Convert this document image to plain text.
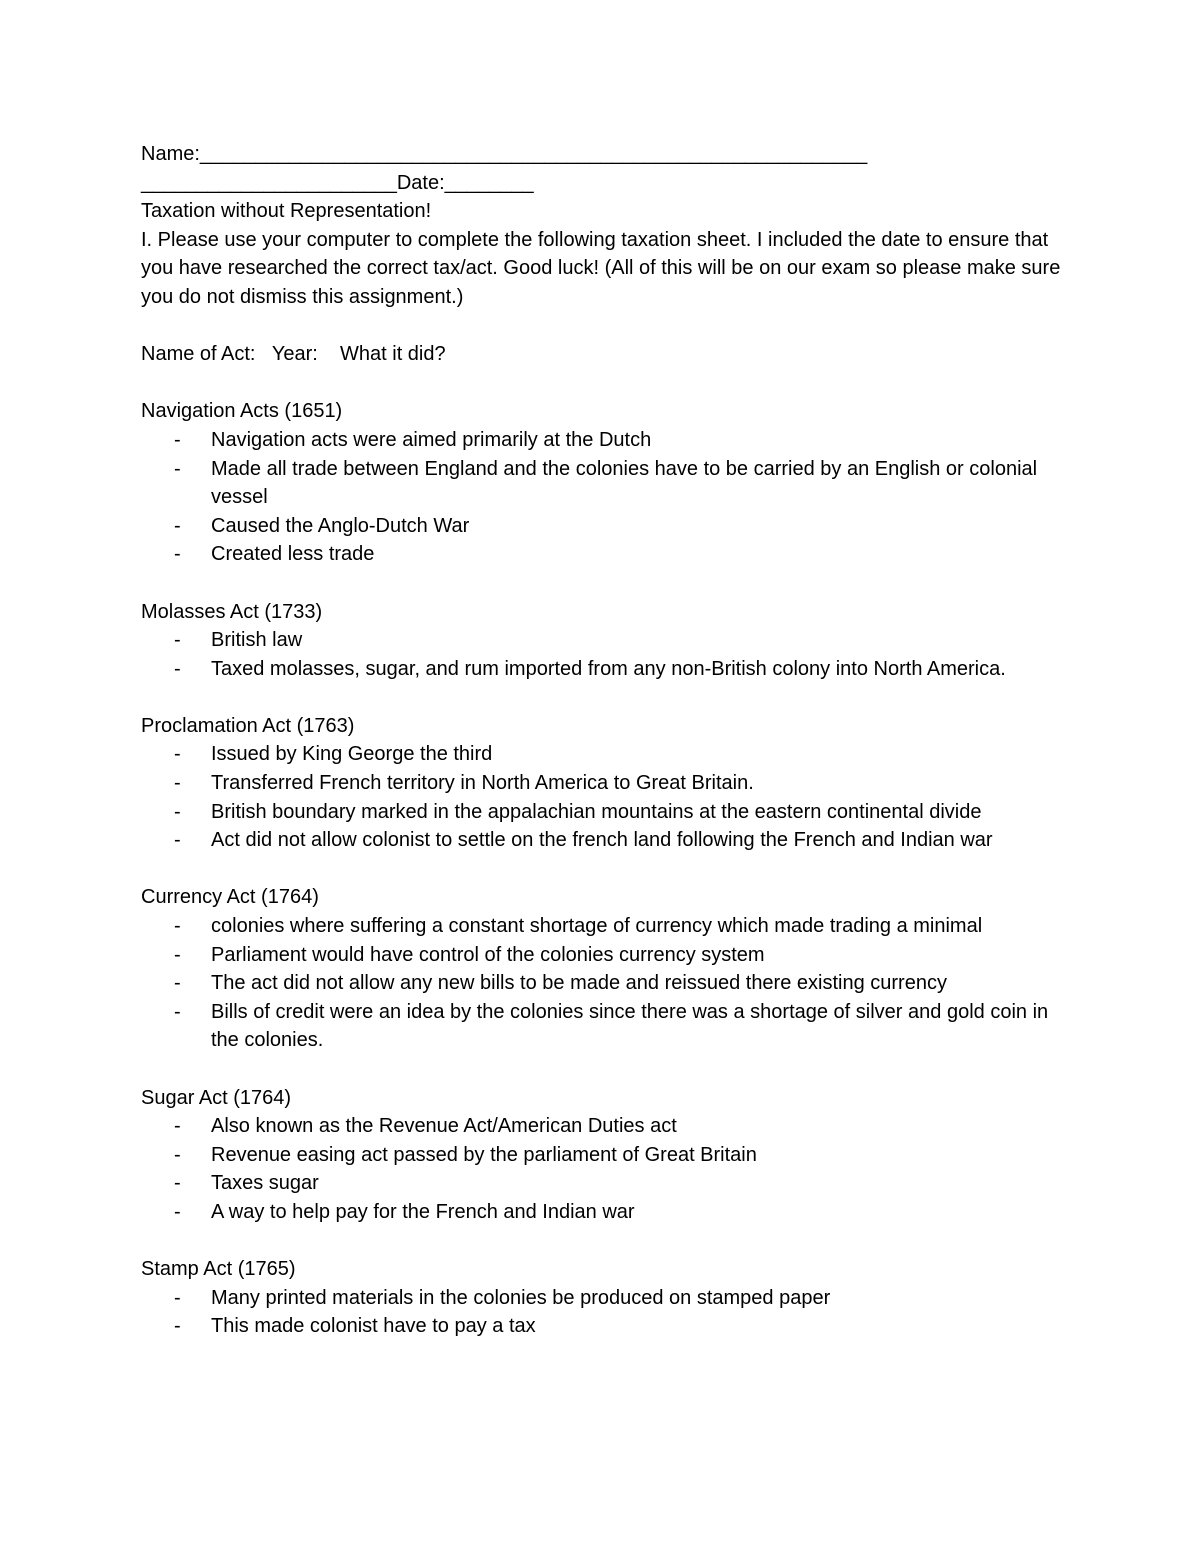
Name:____________________________________________________________
_______________________Date:________
Taxation without Representation!
I. Please use your computer to complete the following taxation sheet. I included the date to ensure that you have researched the correct tax/act. Good luck! (All of this will be on our exam so please make sure you do not dismiss this assignment.)
Name of Act: Year: What it did?
Navigation Acts (1651)
- Navigation acts were aimed primarily at the Dutch
- Made all trade between England and the colonies have to be carried by an English or colonial vessel
- Caused the Anglo-Dutch War
- Created less trade
Molasses Act (1733)
- British law
- Taxed molasses, sugar, and rum imported from any non-British colony into North America.
Proclamation Act (1763)
- Issued by King George the third
- Transferred French territory in North America to Great Britain.
- British boundary marked in the appalachian mountains at the eastern continental divide
- Act did not allow colonist to settle on the french land following the French and Indian war
Currency Act (1764)
- colonies where suffering a constant shortage of currency which made trading a minimal
- Parliament would have control of the colonies currency system
- The act did not allow any new bills to be made and reissued there existing currency
- Bills of credit were an idea by the colonies since there was a shortage of silver and gold coin in the colonies.
Sugar Act (1764)
- Also known as the Revenue Act/American Duties act
- Revenue easing act passed by the parliament of Great Britain
- Taxes sugar
- A way to help pay for the French and Indian war
Stamp Act (1765)
- Many printed materials in the colonies be produced on stamped paper
- This made colonist have to pay a tax
